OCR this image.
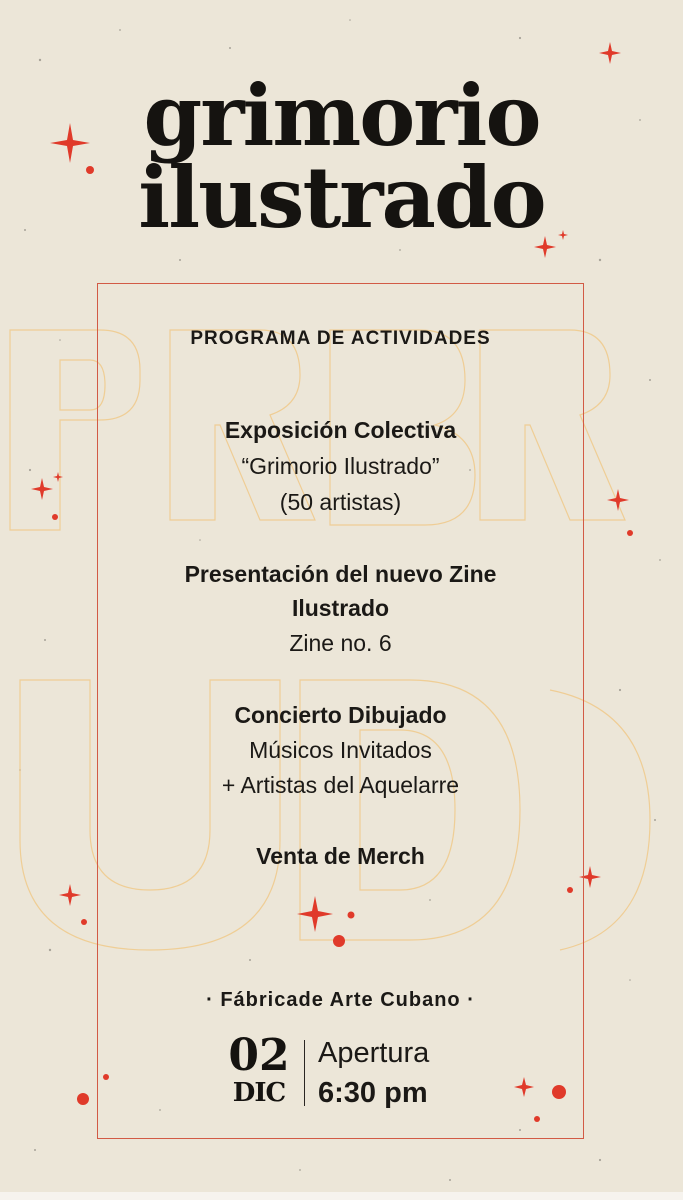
grimorio
ilustrado
PROGRAMA DE ACTIVIDADES
Exposición Colectiva
“Grimorio Ilustrado”
(50 artistas)
Presentación del nuevo Zine
Ilustrado
Zine no. 6
Concierto Dibujado
Músicos Invitados
+ Artistas del Aquelarre
Venta de Merch
· Fábricade Arte Cubano ·
02
DIC
Apertura
6:30 pm
